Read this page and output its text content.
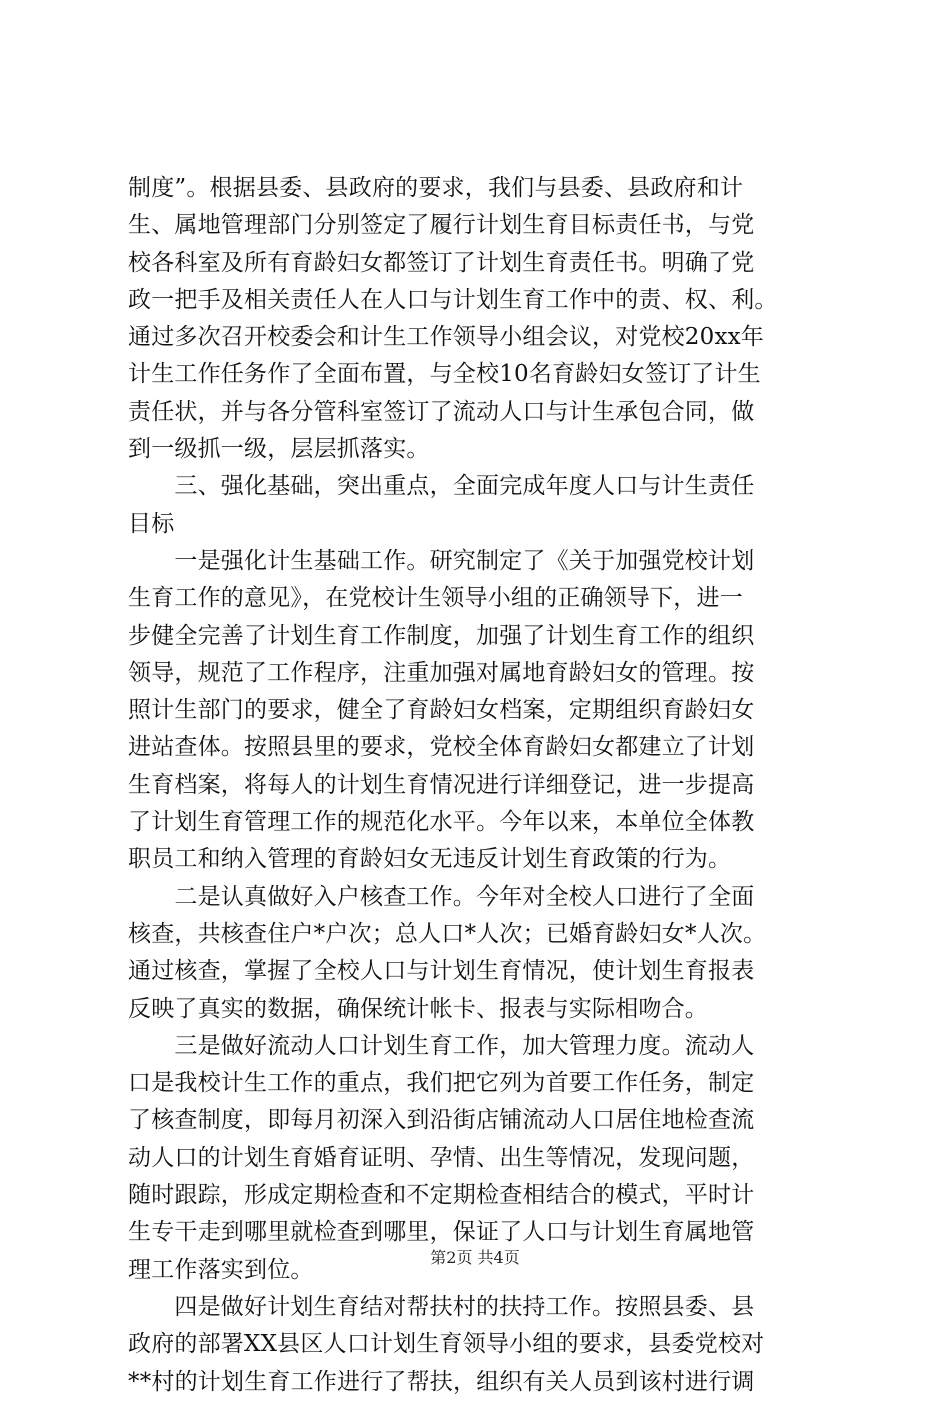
制度”。根据县委、县政府的要求，我们与县委、县政府和计
生、属地管理部门分别签定了履行计划生育目标责任书，与党
校各科室及所有育龄妇女都签订了计划生育责任书。明确了党
政一把手及相关责任人在人口与计划生育工作中的责、权、利。
通过多次召开校委会和计生工作领导小组会议，对党校20xx年
计生工作任务作了全面布置，与全校10名育龄妇女签订了计生
责任状，并与各分管科室签订了流动人口与计生承包合同，做
到一级抓一级，层层抓落实。
　　三、强化基础，突出重点，全面完成年度人口与计生责任
目标
　　一是强化计生基础工作。研究制定了《关于加强党校计划
生育工作的意见》，在党校计生领导小组的正确领导下，进一
步健全完善了计划生育工作制度，加强了计划生育工作的组织
领导，规范了工作程序，注重加强对属地育龄妇女的管理。按
照计生部门的要求，健全了育龄妇女档案，定期组织育龄妇女
进站查体。按照县里的要求，党校全体育龄妇女都建立了计划
生育档案，将每人的计划生育情况进行详细登记，进一步提高
了计划生育管理工作的规范化水平。今年以来，本单位全体教
职员工和纳入管理的育龄妇女无违反计划生育政策的行为。
　　二是认真做好入户核查工作。今年对全校人口进行了全面
核查，共核查住户*户次；总人口*人次；已婚育龄妇女*人次。
通过核查，掌握了全校人口与计划生育情况，使计划生育报表
反映了真实的数据，确保统计帐卡、报表与实际相吻合。
　　三是做好流动人口计划生育工作，加大管理力度。流动人
口是我校计生工作的重点，我们把它列为首要工作任务，制定
了核查制度，即每月初深入到沿街店铺流动人口居住地检查流
动人口的计划生育婚育证明、孕情、出生等情况，发现问题，
随时跟踪，形成定期检查和不定期检查相结合的模式，平时计
生专干走到哪里就检查到哪里，保证了人口与计划生育属地管
理工作落实到位。
　　四是做好计划生育结对帮扶村的扶持工作。按照县委、县
政府的部署XX县区人口计划生育领导小组的要求，县委党校对
**村的计划生育工作进行了帮扶，组织有关人员到该村进行调
第2页 共4页
